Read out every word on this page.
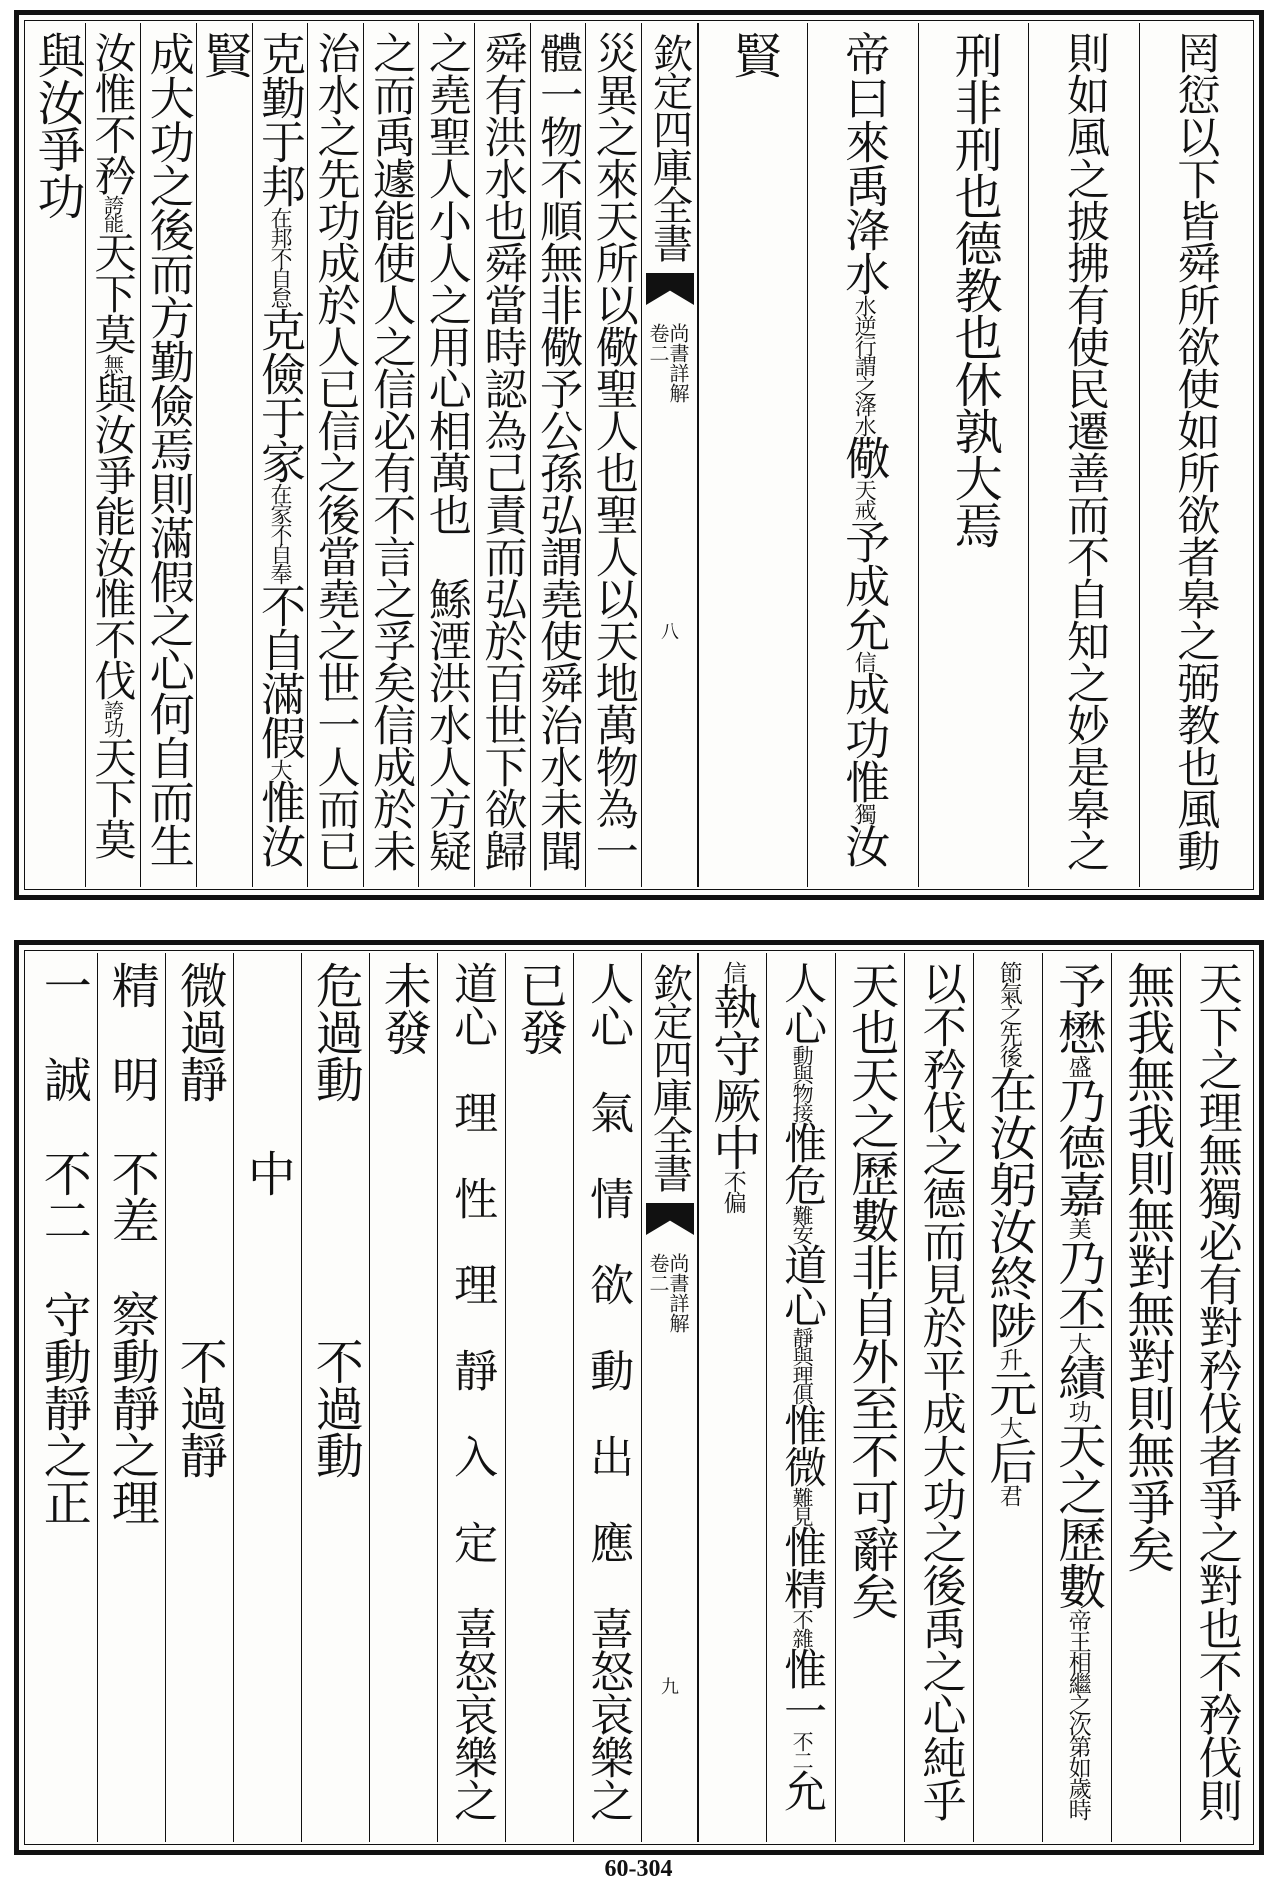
罔愆以下皆舜所欲使如所欲者皋之弼教也風動
則如風之披拂有使民遷善而不自知之妙是皋之
刑非刑也德教也休孰大焉
帝曰來禹洚水水逆行謂之洚水儆天戒予成允信成功惟獨汝
賢
欽定四庫全書
尚書詳解
卷二
八
災異之來天所以儆聖人也聖人以天地萬物為一
體一物不順無非儆予公孫弘謂堯使舜治水未聞
舜有洪水也舜當時認為己責而弘於百世下欲歸
之堯聖人小人之用心相萬也　鯀湮洪水人方疑
之而禹遽能使人之信必有不言之孚矣信成於未
治水之先功成於人已信之後當堯之世一人而已
克勤于邦在邦不自怠克儉于家在家不自奉不自滿假大惟汝
賢
成大功之後而方勤儉焉則滿假之心何自而生
汝惟不矜誇能天下莫無與汝爭能汝惟不伐誇功天下莫
與汝爭功
天下之理無獨必有對矜伐者爭之對也不矜伐則
無我無我則無對無對則無爭矣
予懋盛乃德嘉美乃丕大績功天之歷數帝王相繼之次第如歲時
節氣之先後在汝躬汝終陟升元大后君
以不矜伐之德而見於平成大功之後禹之心純乎
天也天之歷數非自外至不可辭矣
人心動與物接惟危難安道心靜與理俱惟微難見惟精不雜惟一不二允
信執守厥中不偏
欽定四庫全書
尚書詳解
卷二
九
人心　氣　情　欲　動　出　應　喜怒哀樂之
已發
道心　理　性　理　靜　入　定　喜怒哀樂之
未發
危過動　　　　　不過動
　　　　中
微過靜　　　　　不過靜
精　明　不差　察動靜之理
一　誠　不二　守動靜之正
60-304
